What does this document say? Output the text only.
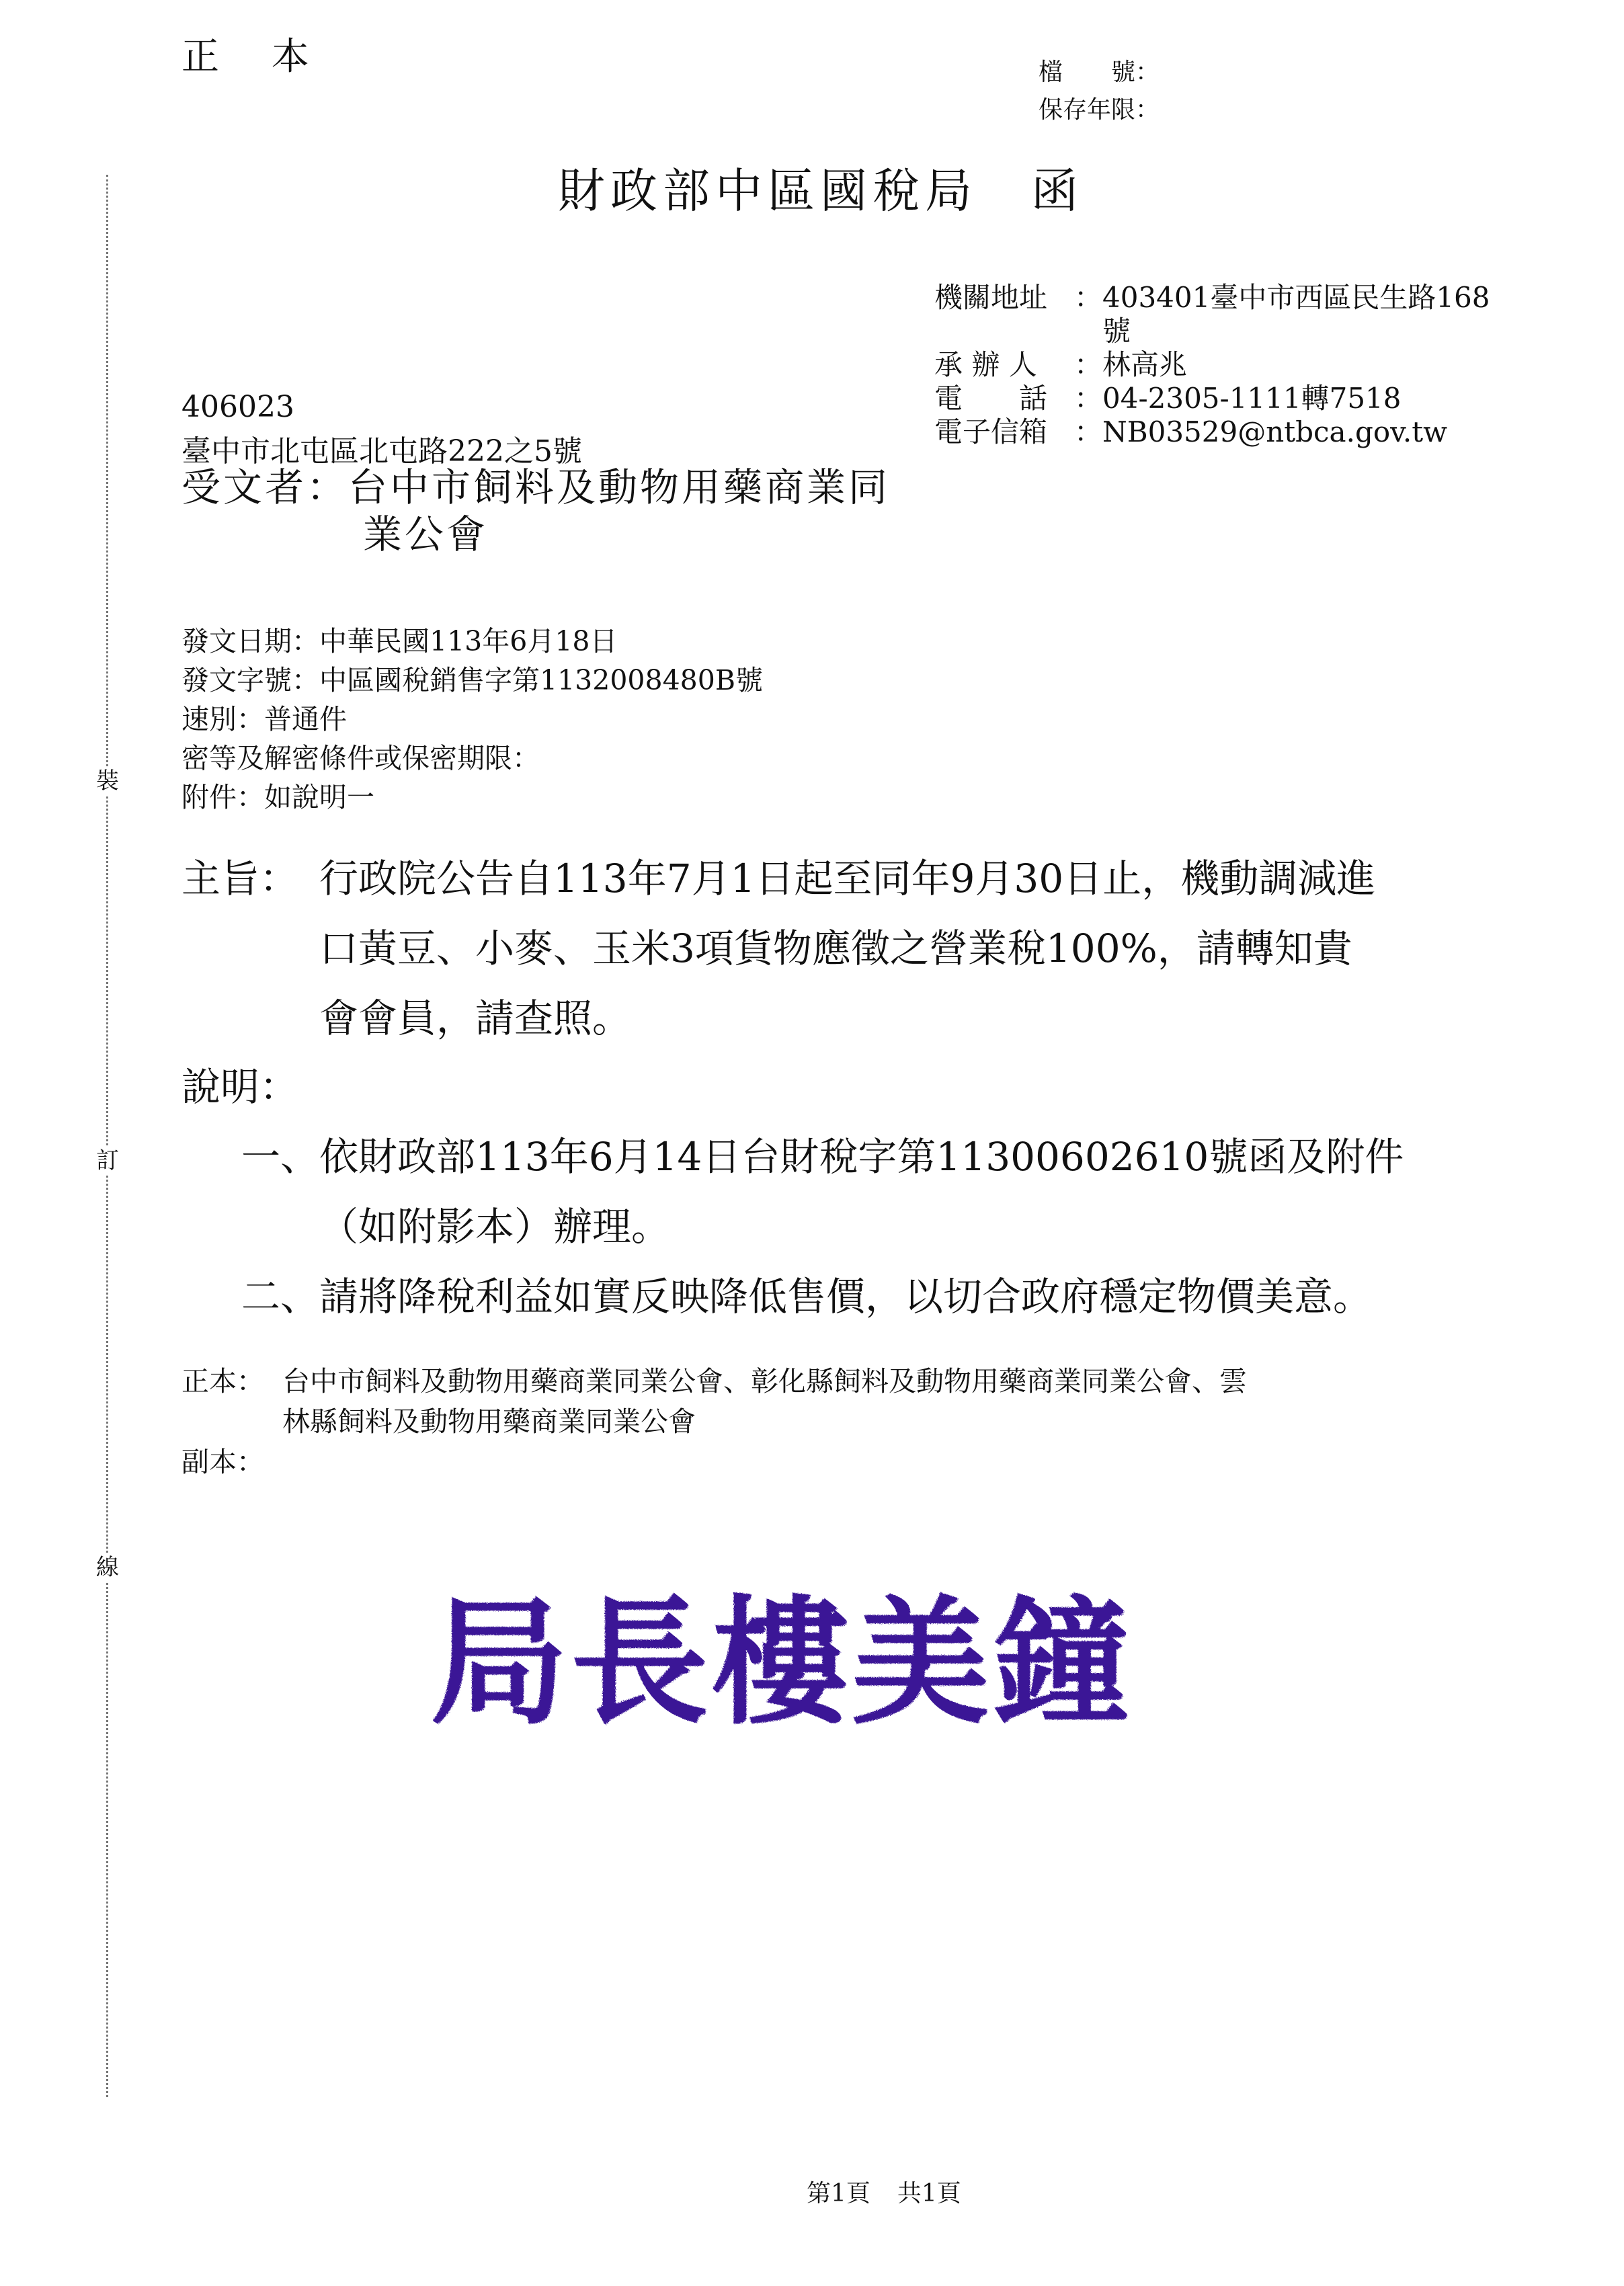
裝
訂
線
正 本	檔　　號：
保存年限：
財政部中區國稅局 函
機關地址 ： 403401臺中市西區民生路168
號
承 辦 人 ： 林高兆
電　　話 ： 04-2305-1111轉7518
電子信箱 ： NB03529@ntbca.gov.tw
406023
臺中市北屯區北屯路222之5號
受文者： 台中市飼料及動物用藥商業同
業公會
發文日期：中華民國113年6月18日
發文字號：中區國稅銷售字第1132008480B號
速別：普通件
密等及解密條件或保密期限：
附件：如說明一
主旨： 行政院公告自113年7月1日起至同年9月30日止，機動調減進
口黃豆、小麥、玉米3項貨物應徵之營業稅100%，請轉知貴
會會員，請查照。
說明：
一、 依財政部113年6月14日台財稅字第11300602610號函及附件
（如附影本）辦理。
二、 請將降稅利益如實反映降低售價，以切合政府穩定物價美意。
正本： 台中市飼料及動物用藥商業同業公會、彰化縣飼料及動物用藥商業同業公會、雲
林縣飼料及動物用藥商業同業公會
副本：
局長樓美鐘
第1頁 共1頁
